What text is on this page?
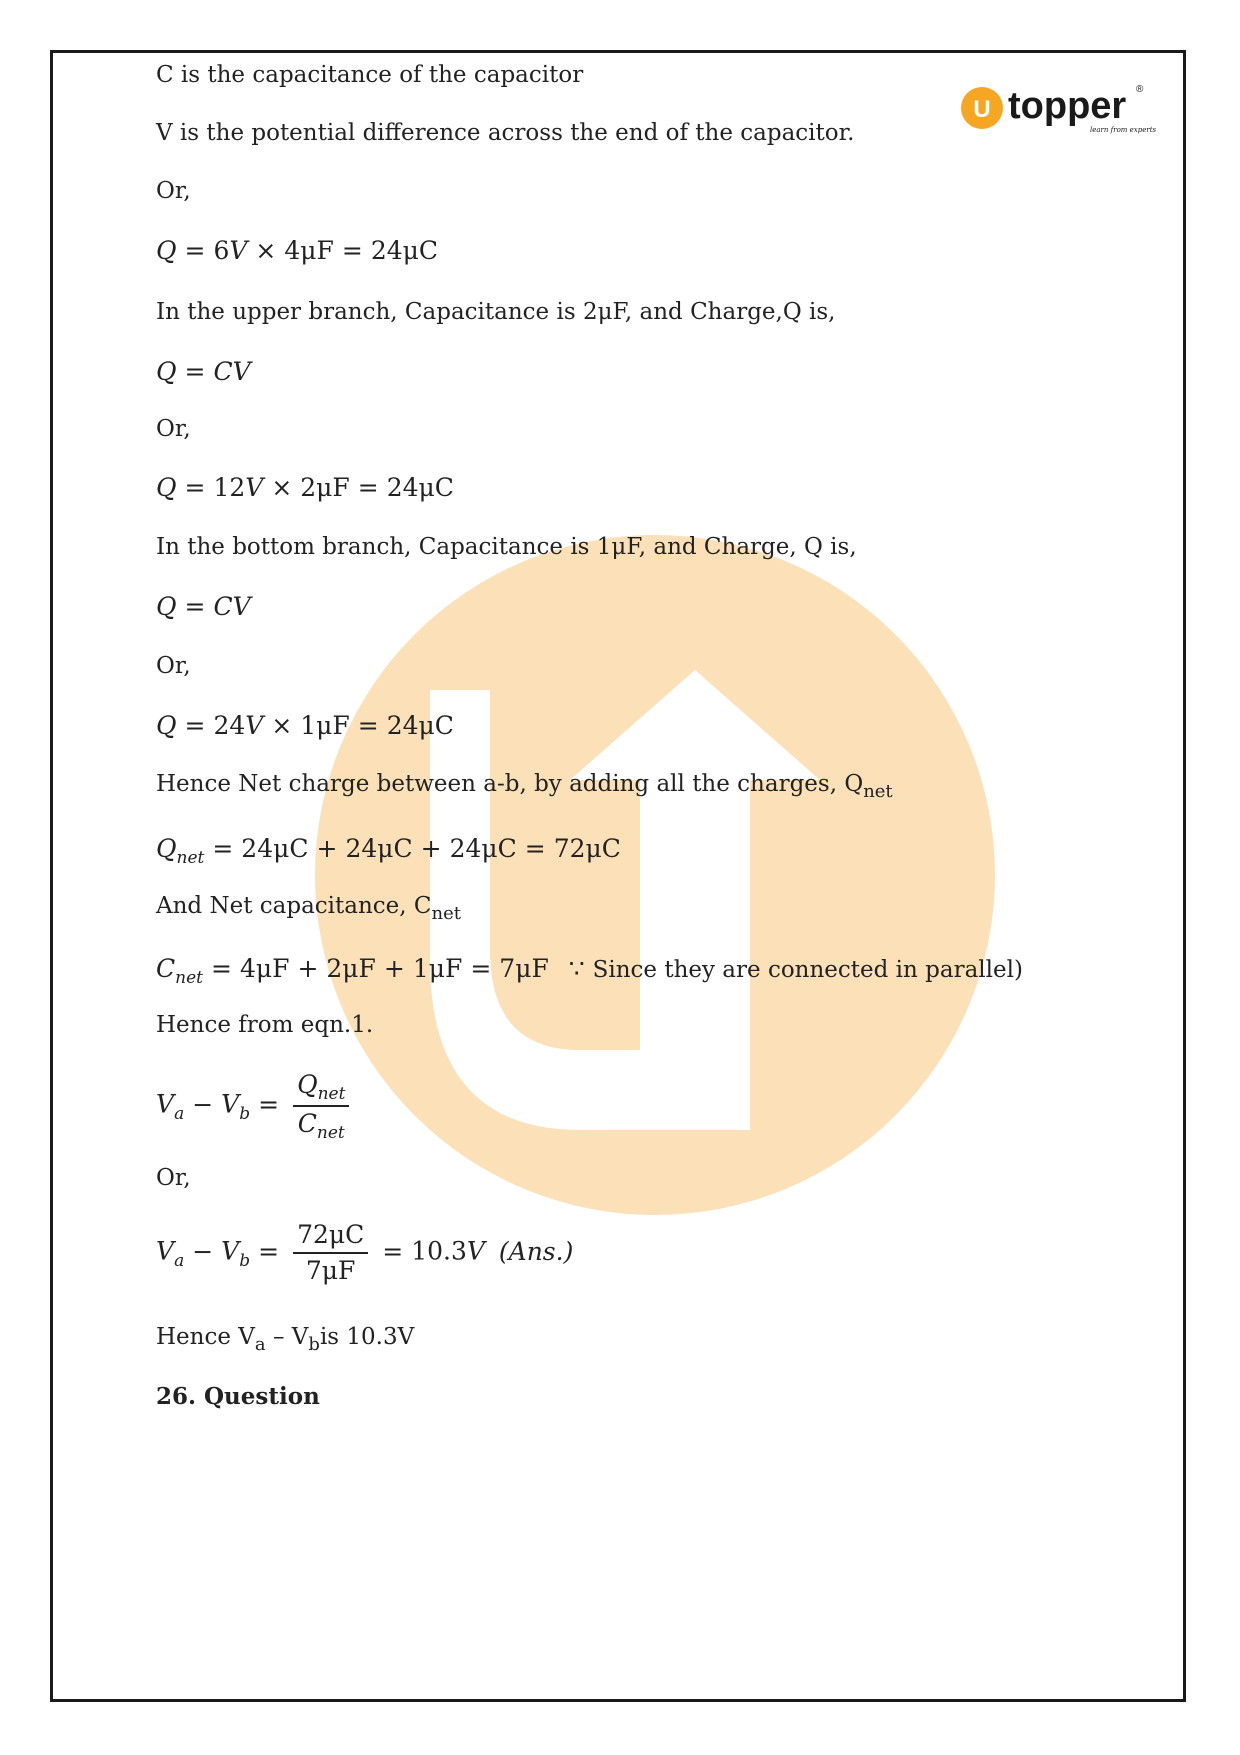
U topper ®
learn from experts
C is the capacitance of the capacitor
V is the potential difference across the end of the capacitor.
Or,
Q = 6V × 4μF = 24μC
In the upper branch, Capacitance is 2μF, and Charge,Q is,
Q = CV
Or,
Q = 12V × 2μF = 24μC
In the bottom branch, Capacitance is 1μF, and Charge, Q is,
Q = CV
Or,
Q = 24V × 1μF = 24μC
Hence Net charge between a-b, by adding all the charges, $Q_{net}$
$Q_{net} = 24\mu C + 24\mu C + 24\mu C = 72\mu C$
And Net capacitance, $C_{net}$
$C_{net} = 4\mu F + 2\mu F + 1\mu F = 7\mu F$ ∵ Since they are connected in parallel)
Hence from eqn.1.
$V_a - V_b = \frac{Q_{net}}{C_{net}}$
Or,
$V_a - V_b = \frac{72\mu C}{7\mu F} = 10.3V$ (Ans.)
Hence $V_a - V_bis$ 10.3V
26. Question
